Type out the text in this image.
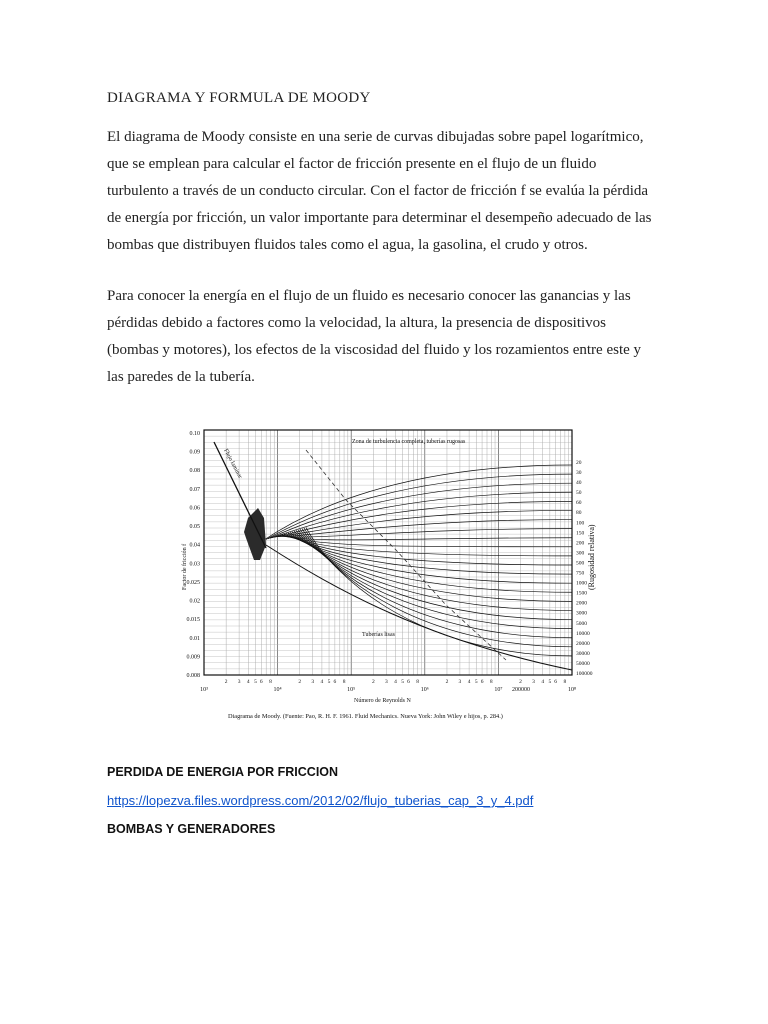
DIAGRAMA Y FORMULA DE MOODY

El diagrama de Moody consiste en una serie de curvas dibujadas sobre papel logarítmico,
que se emplean para calcular el factor de fricción presente en el flujo de un fluido
turbulento a través de un conducto circular. Con el factor de fricción f se evalúa la pérdida
de energía por fricción, un valor importante para determinar el desempeño adecuado de las
bombas que distribuyen fluidos tales como el agua, la gasolina, el crudo y otros.

Para conocer la energía en el flujo de un fluido es necesario conocer las ganancias y las
pérdidas debido a factores como la velocidad, la altura, la presencia de dispositivos
(bombas y motores), los efectos de la viscosidad del fluido y los rozamientos entre este y
las paredes de la tubería.

0.10
0.09
0.08
0.07
0.06
0.05
0.04
0.03
0.025
0.02
0.015
0.01
0.009
0.008
20
30
40
50
60
80
100
150
200
300
500
750
1000
1500
2000
3000
5000
10000
20000
30000
50000
100000
10³	10⁴	10⁵	10⁶	10⁷	10⁸
2 3 4 5 6 8	2 3 4 5 6 8	2 3 4 5 6 8	2 3 4 5 6 8	2 3 4 5 6 8
Factor de fricción f	(Rugosidad relativa)
Número de Reynolds N
Zona de turbulencia completa, tuberías rugosas
Flujo laminar
Tuberías lisas
200000
Diagrama de Moody. (Fuente: Pao, R. H. F. 1961. Fluid Mechanics. Nueva York: John Wiley e hijos, p. 284.)
PERDIDA DE ENERGIA POR FRICCION
https://lopezva.files.wordpress.com/2012/02/flujo_tuberias_cap_3_y_4.pdf
BOMBAS Y GENERADORES
